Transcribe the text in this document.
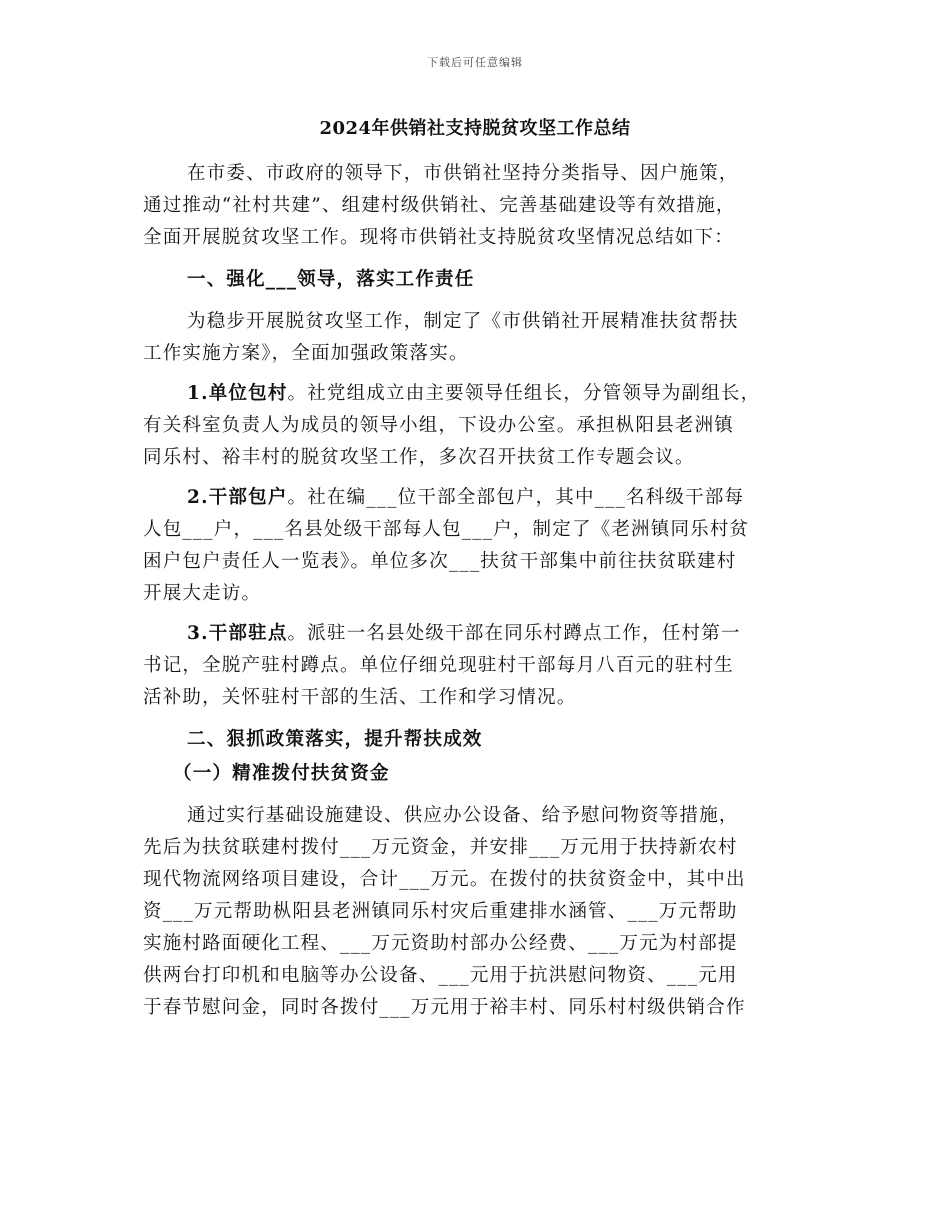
下载后可任意编辑
2024年供销社支持脱贫攻坚工作总结
在市委、市政府的领导下，市供销社坚持分类指导、因户施策，
通过推动“社村共建”、组建村级供销社、完善基础建设等有效措施，
全面开展脱贫攻坚工作。现将市供销社支持脱贫攻坚情况总结如下：
一、强化___领导，落实工作责任
为稳步开展脱贫攻坚工作，制定了《市供销社开展精准扶贫帮扶
工作实施方案》，全面加强政策落实。
1.单位包村。社党组成立由主要领导任组长，分管领导为副组长，
有关科室负责人为成员的领导小组，下设办公室。承担枞阳县老洲镇
同乐村、裕丰村的脱贫攻坚工作，多次召开扶贫工作专题会议。
2.干部包户。社在编___位干部全部包户，其中___名科级干部每
人包___户，___名县处级干部每人包___户，制定了《老洲镇同乐村贫
困户包户责任人一览表》。单位多次___扶贫干部集中前往扶贫联建村
开展大走访。
3.干部驻点。派驻一名县处级干部在同乐村蹲点工作，任村第一
书记，全脱产驻村蹲点。单位仔细兑现驻村干部每月八百元的驻村生
活补助，关怀驻村干部的生活、工作和学习情况。
二、狠抓政策落实，提升帮扶成效
（一）精准拨付扶贫资金
通过实行基础设施建设、供应办公设备、给予慰问物资等措施，
先后为扶贫联建村拨付___万元资金，并安排___万元用于扶持新农村
现代物流网络项目建设，合计___万元。在拨付的扶贫资金中，其中出
资___万元帮助枞阳县老洲镇同乐村灾后重建排水涵管、___万元帮助
实施村路面硬化工程、___万元资助村部办公经费、___万元为村部提
供两台打印机和电脑等办公设备、___元用于抗洪慰问物资、___元用
于春节慰问金，同时各拨付___万元用于裕丰村、同乐村村级供销合作
